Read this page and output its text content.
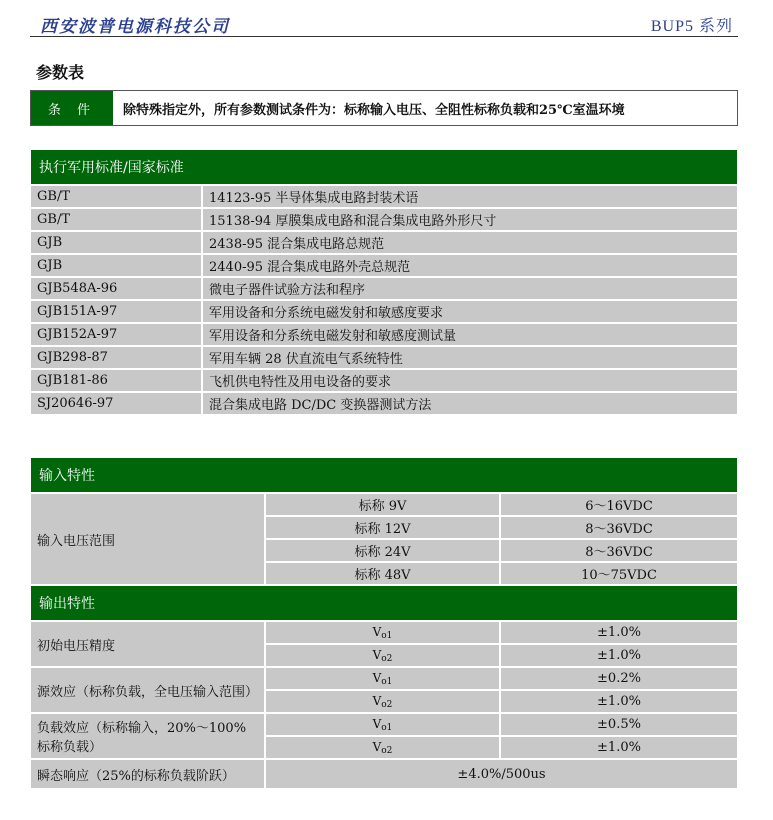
西安波普电源科技公司	BUP5 系列
参数表
条 件	除特殊指定外，所有参数测试条件为：标称输入电压、全阻性标称负载和25℃室温环境
执行军用标准/国家标准	
GB/T	14123-95 半导体集成电路封装术语
GB/T	15138-94 厚膜集成电路和混合集成电路外形尺寸
GJB	2438-95 混合集成电路总规范
GJB	2440-95 混合集成电路外壳总规范
GJB548A-96	微电子器件试验方法和程序
GJB151A-97	军用设备和分系统电磁发射和敏感度要求
GJB152A-97	军用设备和分系统电磁发射和敏感度测试量
GJB298-87	军用车辆 28 伏直流电气系统特性
GJB181-86	飞机供电特性及用电设备的要求
SJ20646-97	混合集成电路 DC/DC 变换器测试方法
输入特性		
输入电压范围	标称 9V	6～16VDC
	标称 12V	8～36VDC
	标称 24V	8～36VDC
	标称 48V	10～75VDC
输出特性		
初始电压精度	$V_{o1}$	±1.0%
	$V_{o2}$	±1.0%
源效应（标称负载，全电压输入范围）	$V_{o1}$	±0.2%
	$V_{o2}$	±1.0%
负载效应（标称输入，20%～100%标称负载）	$V_{o1}$	±0.5%
	$V_{o2}$	±1.0%
瞬态响应（25%的标称负载阶跃）	±4.0%/500us	
